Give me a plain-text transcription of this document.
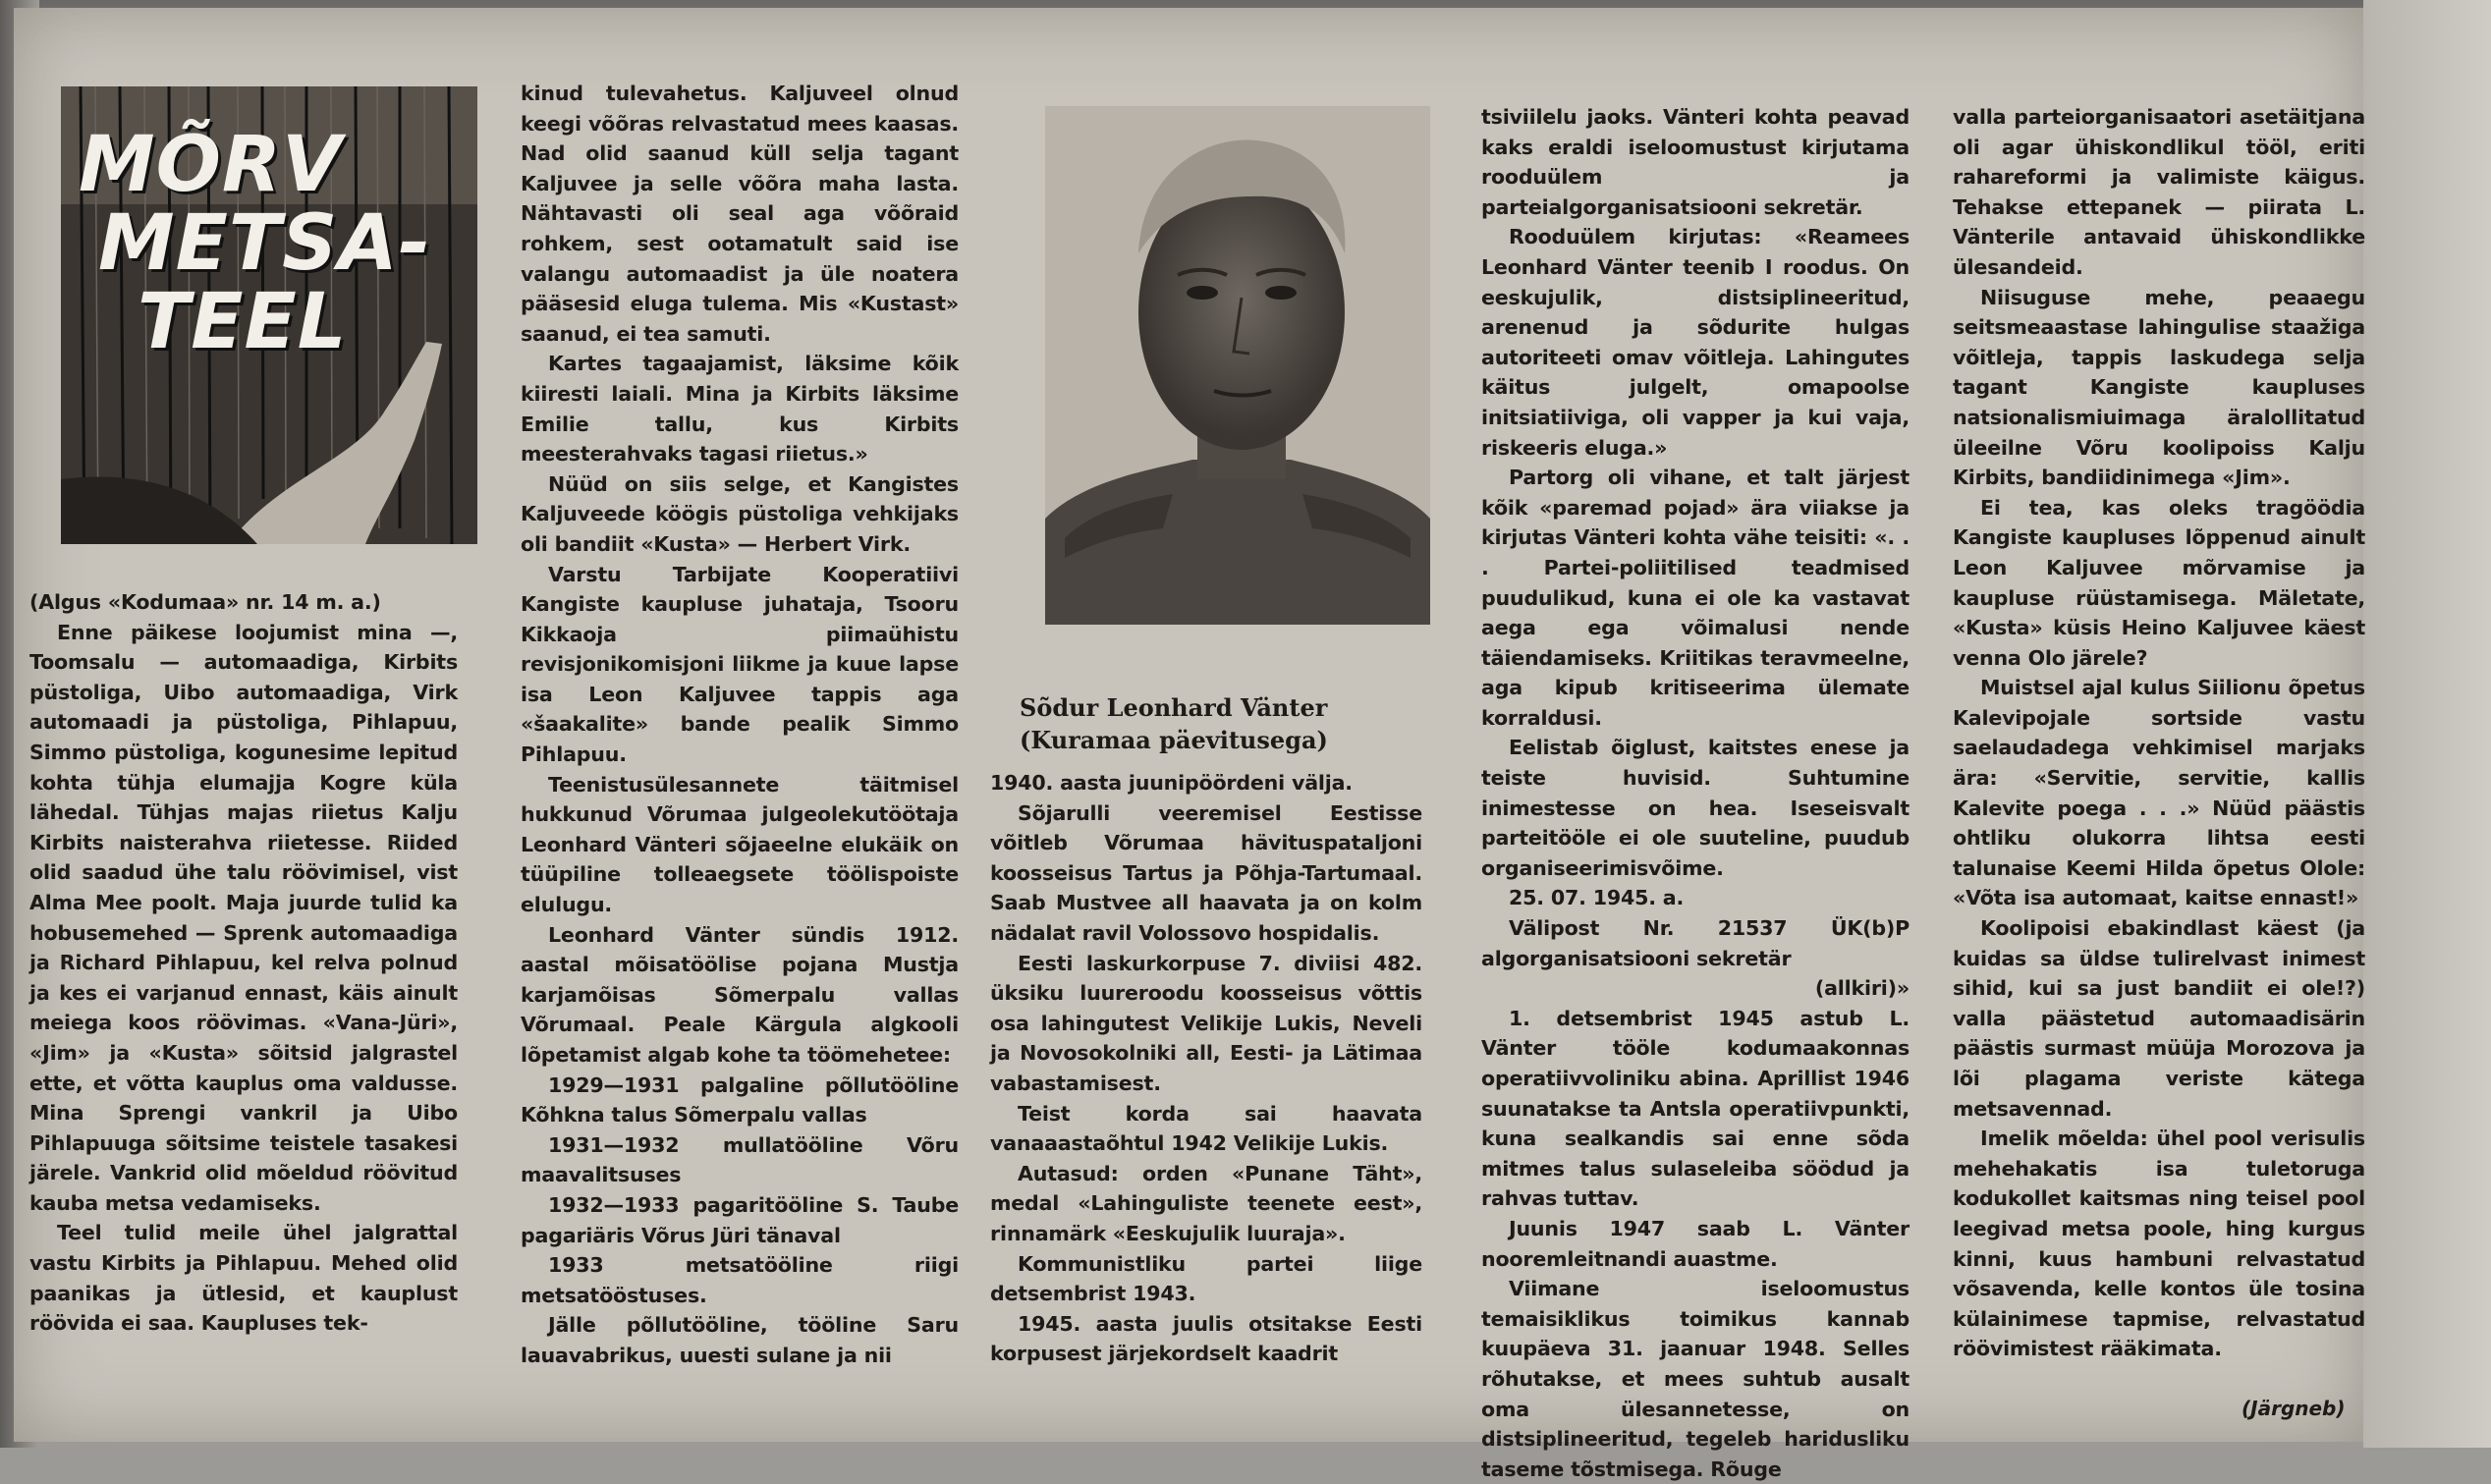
MÕRV
METSA-
TEEL

(Algus «Kodumaa» nr. 14 m. a.)

Enne päikese loojumist mina —, Toomsalu — automaadiga, Kirbits püstoliga, Uibo automaadiga, Virk automaadi ja püstoliga, Pihlapuu, Simmo püstoliga, kogunesime lepitud kohta tühja elumajja Kogre küla lähedal. Tühjas majas riietus Kalju Kirbits naisterahva riietesse. Riided olid saadud ühe talu röövimisel, vist Alma Mee poolt. Maja juurde tulid ka hobusemehed — Sprenk automaadiga ja Richard Pihlapuu, kel relva polnud ja kes ei varjanud ennast, käis ainult meiega koos röövimas. «Vana-Jüri», «Jim» ja «Kusta» sõitsid jalgrastel ette, et võtta kauplus oma valdusse. Mina Sprengi vankril ja Uibo Pihlapuuga sõitsime teistele tasakesi järele. Vankrid olid mõeldud röövitud kauba metsa vedamiseks.

Teel tulid meile ühel jalgrattal vastu Kirbits ja Pihlapuu. Mehed olid paanikas ja ütlesid, et kauplust röövida ei saa. Kaupluses tek-

kinud tulevahetus. Kaljuveel olnud keegi võõras relvastatud mees kaasas. Nad olid saanud küll selja tagant Kaljuvee ja selle võõra maha lasta. Nähtavasti oli seal aga võõraid rohkem, sest ootamatult said ise valangu automaadist ja üle noatera pääsesid eluga tulema. Mis «Kustast» saanud, ei tea samuti.

Kartes tagaajamist, läksime kõik kiiresti laiali. Mina ja Kirbits läksime Emilie tallu, kus Kirbits meesterahvaks tagasi riietus.»

Nüüd on siis selge, et Kangistes Kaljuveede köögis püstoliga vehkijaks oli bandiit «Kusta» — Herbert Virk.

Varstu Tarbijate Kooperatiivi Kangiste kaupluse juhataja, Tsooru Kikkaoja piimaühistu revisjonikomisjoni liikme ja kuue lapse isa Leon Kaljuvee tappis aga «šaakalite» bande pealik Simmo Pihlapuu.

Teenistusülesannete täitmisel hukkunud Võrumaa julgeolekutöötaja Leonhard Vänteri sõjaeelne elukäik on tüüpiline tolleaegsete töölispoiste elulugu.

Leonhard Vänter sündis 1912. aastal mõisatöölise pojana Mustja karjamõisas Sõmerpalu vallas Võrumaal. Peale Kärgula algkooli lõpetamist algab kohe ta töömehetee:

1929—1931 palgaline põllutööline Kõhkna talus Sõmerpalu vallas

1931—1932 mullatööline Võru maavalitsuses

1932—1933 pagaritööline S. Taube pagariäris Võrus Jüri tänaval

1933 metsatööline riigi metsatööstuses.

Jälle põllutööline, tööline Saru lauavabrikus, uuesti sulane ja nii

Sõdur Leonhard Vänter (Kuramaa päevitusega)

1940. aasta juunipöördeni välja.

Sõjarulli veeremisel Eestisse võitleb Võrumaa hävituspataljoni koosseisus Tartus ja Põhja-Tartumaal. Saab Mustvee all haavata ja on kolm nädalat ravil Volossovo hospidalis.

Eesti laskurkorpuse 7. diviisi 482. üksiku luureroodu koosseisus võttis osa lahingutest Velikije Lukis, Neveli ja Novosokolniki all, Eesti- ja Lätimaa vabastamisest.

Teist korda sai haavata vanaaastaõhtul 1942 Velikije Lukis.

Autasud: orden «Punane Täht», medal «Lahinguliste teenete eest», rinnamärk «Eeskujulik luuraja».

Kommunistliku partei liige detsembrist 1943.

1945. aasta juulis otsitakse Eesti korpusest järjekordselt kaadrit

tsiviilelu jaoks. Vänteri kohta peavad kaks eraldi iseloomustust kirjutama rooduülem ja parteialgorganisatsiooni sekretär.

Rooduülem kirjutas: «Reamees Leonhard Vänter teenib I roodus. On eeskujulik, distsiplineeritud, arenenud ja sõdurite hulgas autoriteeti omav võitleja. Lahingutes käitus julgelt, omapoolse initsiatiiviga, oli vapper ja kui vaja, riskeeris eluga.»

Partorg oli vihane, et talt järjest kõik «paremad pojad» ära viiakse ja kirjutas Vänteri kohta vähe teisiti: «. . . Partei-poliitilised teadmised puudulikud, kuna ei ole ka vastavat aega ega võimalusi nende täiendamiseks. Kriitikas teravmeelne, aga kipub kritiseerima ülemate korraldusi.

Eelistab õiglust, kaitstes enese ja teiste huvisid. Suhtumine inimestesse on hea. Iseseisvalt parteitööle ei ole suuteline, puudub organiseerimisvõime.

25. 07. 1945. a.

Välipost Nr. 21537 ÜK(b)P algorganisatsiooni sekretär

(allkiri)»

1. detsembrist 1945 astub L. Vänter tööle kodumaakonnas operatiivvoliniku abina. Aprillist 1946 suunatakse ta Antsla operatiivpunkti, kuna sealkandis sai enne sõda mitmes talus sulaseleiba söödud ja rahvas tuttav.

Juunis 1947 saab L. Vänter nooremleitnandi auastme.

Viimane iseloomustus temaisiklikus toimikus kannab kuupäeva 31. jaanuar 1948. Selles rõhutakse, et mees suhtub ausalt oma ülesannetesse, on distsiplineeritud, tegeleb haridusliku taseme tõstmisega. Rõuge

valla parteiorganisaatori asetäitjana oli agar ühiskondlikul tööl, eriti rahareformi ja valimiste käigus. Tehakse ettepanek — piirata L. Vänterile antavaid ühiskondlikke ülesandeid.

Niisuguse mehe, peaaegu seitsmeaastase lahingulise staažiga võitleja, tappis laskudega selja tagant Kangiste kaupluses natsionalismiuimaga äralollitatud üleeilne Võru koolipoiss Kalju Kirbits, bandiidinimega «Jim».

Ei tea, kas oleks tragöödia Kangiste kaupluses lõppenud ainult Leon Kaljuvee mõrvamise ja kaupluse rüüstamisega. Mäletate, «Kusta» küsis Heino Kaljuvee käest venna Olo järele?

Muistsel ajal kulus Siilionu õpetus Kalevipojale sortside vastu saelaudadega vehkimisel marjaks ära: «Servitie, servitie, kallis Kalevite poega . . .» Nüüd päästis ohtliku olukorra lihtsa eesti talunaise Keemi Hilda õpetus Olole: «Võta isa automaat, kaitse ennast!»

Koolipoisi ebakindlast käest (ja kuidas sa üldse tulirelvast inimest sihid, kui sa just bandiit ei ole!?) valla päästetud automaadisärin päästis surmast müüja Morozova ja lõi plagama veriste kätega metsavennad.

Imelik mõelda: ühel pool verisulis mehehakatis isa tuletoruga kodukollet kaitsmas ning teisel pool leegivad metsa poole, hing kurgus kinni, kuus hambuni relvastatud võsavenda, kelle kontos üle tosina külainimese tapmise, relvastatud röövimistest rääkimata.

(Järgneb)
